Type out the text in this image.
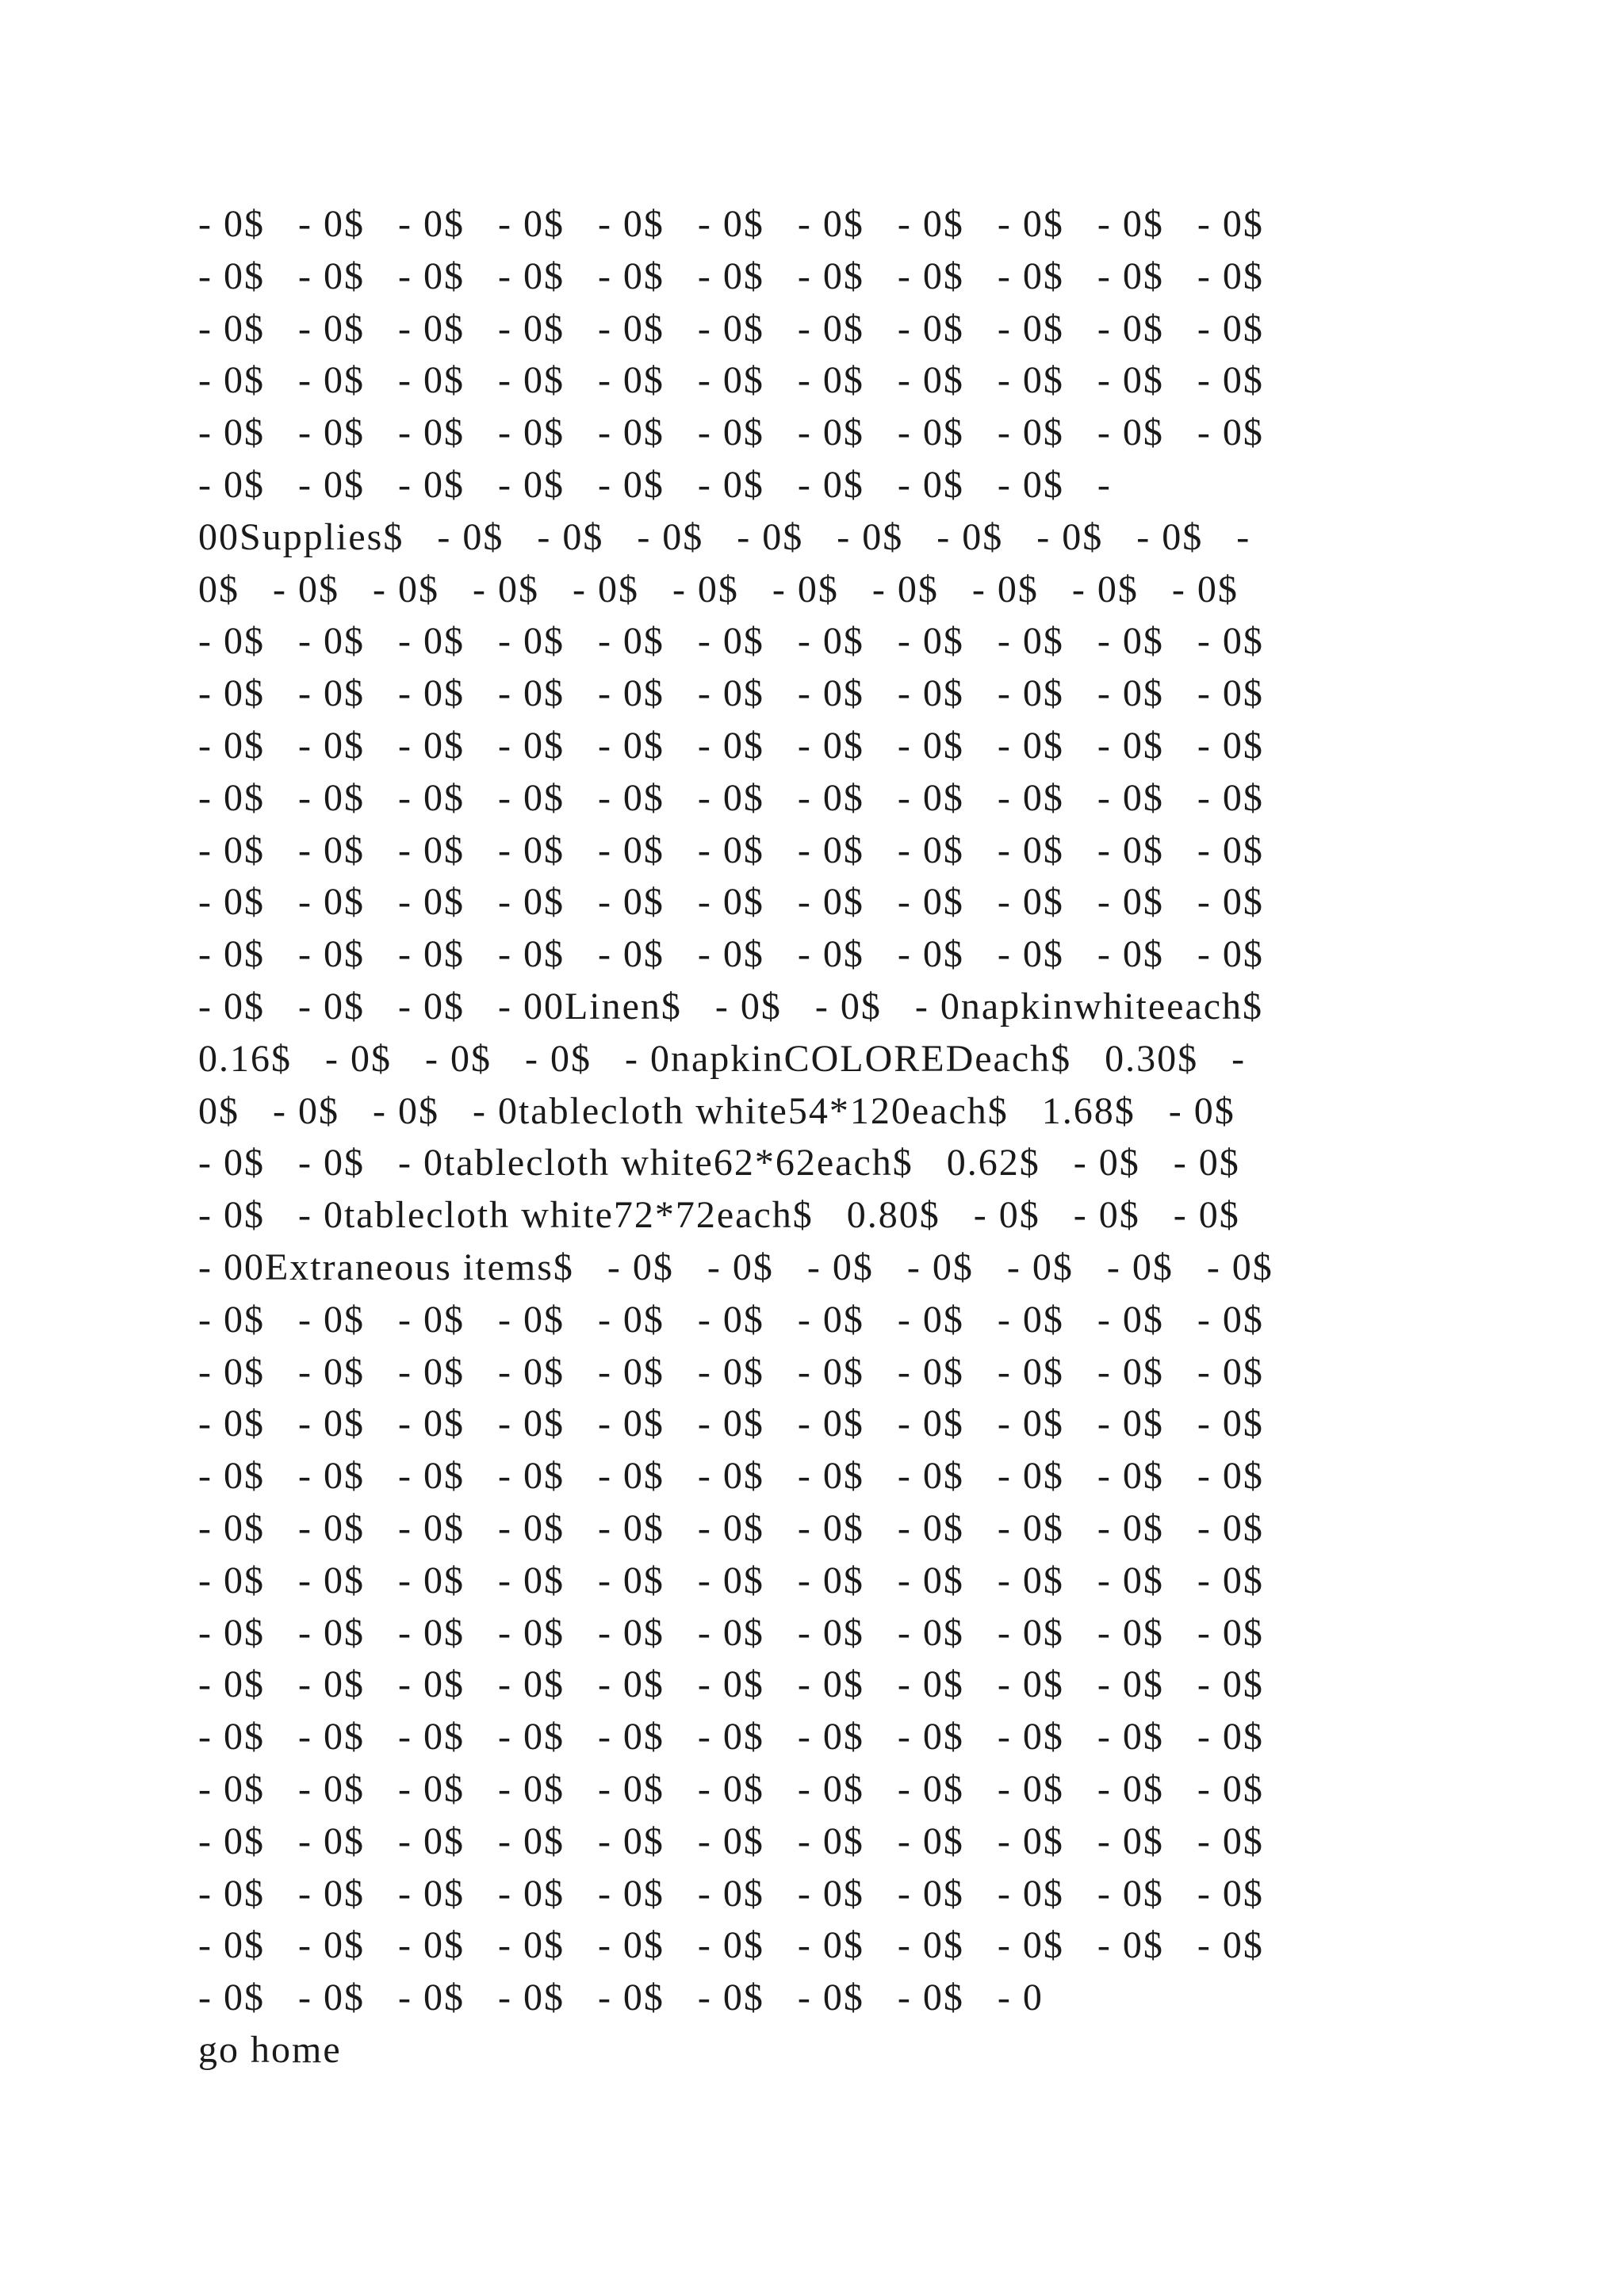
- 0$   - 0$   - 0$   - 0$   - 0$   - 0$   - 0$   - 0$   - 0$   - 0$   - 0$
- 0$   - 0$   - 0$   - 0$   - 0$   - 0$   - 0$   - 0$   - 0$   - 0$   - 0$
- 0$   - 0$   - 0$   - 0$   - 0$   - 0$   - 0$   - 0$   - 0$   - 0$   - 0$
- 0$   - 0$   - 0$   - 0$   - 0$   - 0$   - 0$   - 0$   - 0$   - 0$   - 0$
- 0$   - 0$   - 0$   - 0$   - 0$   - 0$   - 0$   - 0$   - 0$   - 0$   - 0$
- 0$   - 0$   - 0$   - 0$   - 0$   - 0$   - 0$   - 0$   - 0$   -
00Supplies$   - 0$   - 0$   - 0$   - 0$   - 0$   - 0$   - 0$   - 0$   -
0$   - 0$   - 0$   - 0$   - 0$   - 0$   - 0$   - 0$   - 0$   - 0$   - 0$
- 0$   - 0$   - 0$   - 0$   - 0$   - 0$   - 0$   - 0$   - 0$   - 0$   - 0$
- 0$   - 0$   - 0$   - 0$   - 0$   - 0$   - 0$   - 0$   - 0$   - 0$   - 0$
- 0$   - 0$   - 0$   - 0$   - 0$   - 0$   - 0$   - 0$   - 0$   - 0$   - 0$
- 0$   - 0$   - 0$   - 0$   - 0$   - 0$   - 0$   - 0$   - 0$   - 0$   - 0$
- 0$   - 0$   - 0$   - 0$   - 0$   - 0$   - 0$   - 0$   - 0$   - 0$   - 0$
- 0$   - 0$   - 0$   - 0$   - 0$   - 0$   - 0$   - 0$   - 0$   - 0$   - 0$
- 0$   - 0$   - 0$   - 0$   - 0$   - 0$   - 0$   - 0$   - 0$   - 0$   - 0$
- 0$   - 0$   - 0$   - 00Linen$   - 0$   - 0$   - 0napkinwhiteeach$
0.16$   - 0$   - 0$   - 0$   - 0napkinCOLOREDeach$   0.30$   -
0$   - 0$   - 0$   - 0tablecloth white54*120each$   1.68$   - 0$
- 0$   - 0$   - 0tablecloth white62*62each$   0.62$   - 0$   - 0$
- 0$   - 0tablecloth white72*72each$   0.80$   - 0$   - 0$   - 0$
- 00Extraneous items$   - 0$   - 0$   - 0$   - 0$   - 0$   - 0$   - 0$
- 0$   - 0$   - 0$   - 0$   - 0$   - 0$   - 0$   - 0$   - 0$   - 0$   - 0$
- 0$   - 0$   - 0$   - 0$   - 0$   - 0$   - 0$   - 0$   - 0$   - 0$   - 0$
- 0$   - 0$   - 0$   - 0$   - 0$   - 0$   - 0$   - 0$   - 0$   - 0$   - 0$
- 0$   - 0$   - 0$   - 0$   - 0$   - 0$   - 0$   - 0$   - 0$   - 0$   - 0$
- 0$   - 0$   - 0$   - 0$   - 0$   - 0$   - 0$   - 0$   - 0$   - 0$   - 0$
- 0$   - 0$   - 0$   - 0$   - 0$   - 0$   - 0$   - 0$   - 0$   - 0$   - 0$
- 0$   - 0$   - 0$   - 0$   - 0$   - 0$   - 0$   - 0$   - 0$   - 0$   - 0$
- 0$   - 0$   - 0$   - 0$   - 0$   - 0$   - 0$   - 0$   - 0$   - 0$   - 0$
- 0$   - 0$   - 0$   - 0$   - 0$   - 0$   - 0$   - 0$   - 0$   - 0$   - 0$
- 0$   - 0$   - 0$   - 0$   - 0$   - 0$   - 0$   - 0$   - 0$   - 0$   - 0$
- 0$   - 0$   - 0$   - 0$   - 0$   - 0$   - 0$   - 0$   - 0$   - 0$   - 0$
- 0$   - 0$   - 0$   - 0$   - 0$   - 0$   - 0$   - 0$   - 0$   - 0$   - 0$
- 0$   - 0$   - 0$   - 0$   - 0$   - 0$   - 0$   - 0$   - 0$   - 0$   - 0$
- 0$   - 0$   - 0$   - 0$   - 0$   - 0$   - 0$   - 0$   - 0
go home
